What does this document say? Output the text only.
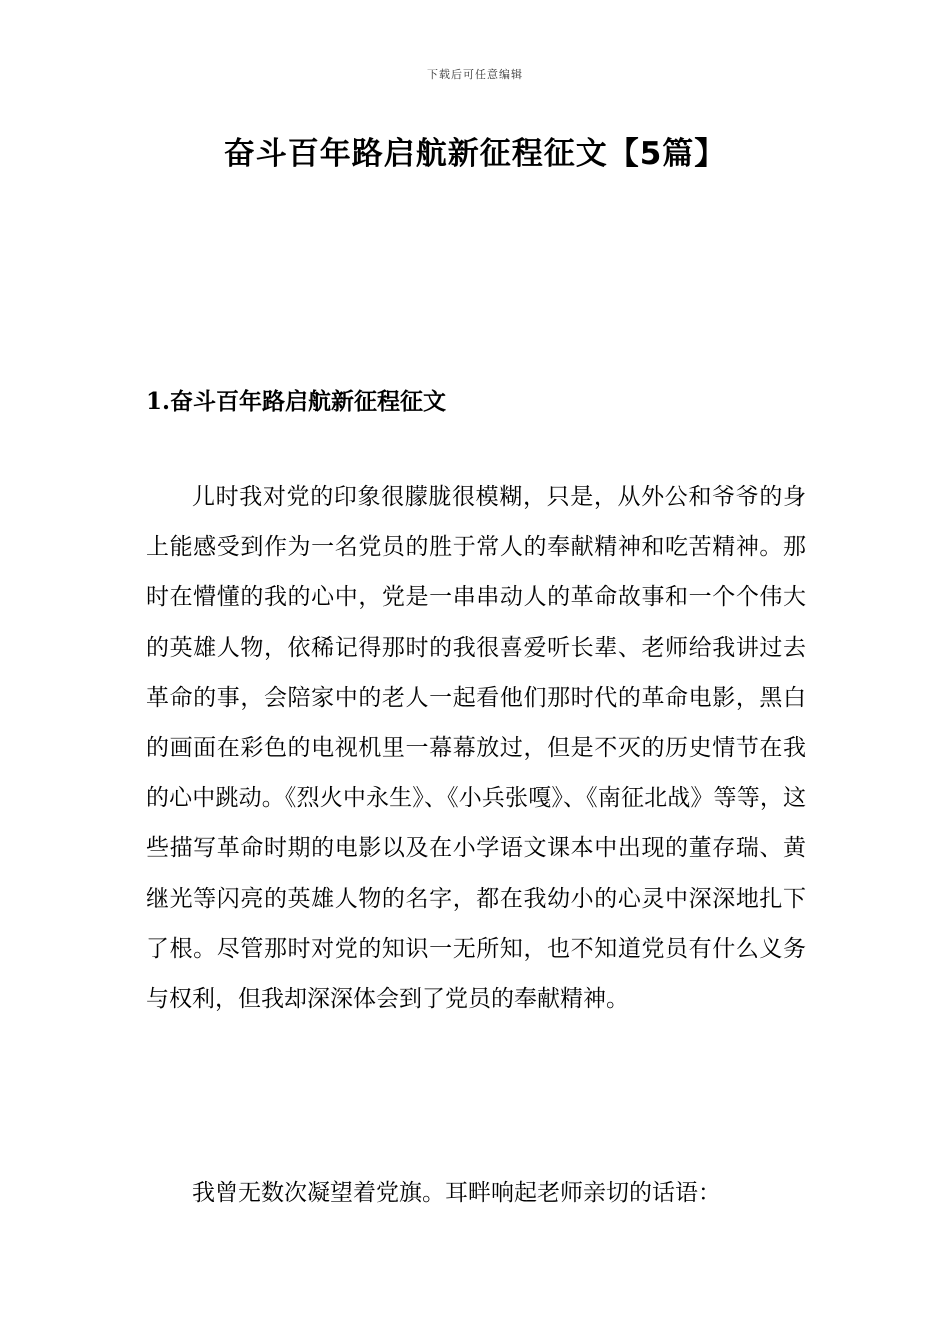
下载后可任意编辑
奋斗百年路启航新征程征文【5篇】
1.奋斗百年路启航新征程征文

儿时我对党的印象很朦胧很模糊，只是，从外公和爷爷的身上能感受到作为一名党员的胜于常人的奉献精神和吃苦精神。那时在懵懂的我的心中，党是一串串动人的革命故事和一个个伟大的英雄人物，依稀记得那时的我很喜爱听长辈、老师给我讲过去革命的事，会陪家中的老人一起看他们那时代的革命电影，黑白的画面在彩色的电视机里一幕幕放过，但是不灭的历史情节在我的心中跳动。《烈火中永生》、《小兵张嘎》、《南征北战》等等，这些描写革命时期的电影以及在小学语文课本中出现的董存瑞、黄继光等闪亮的英雄人物的名字，都在我幼小的心灵中深深地扎下了根。尽管那时对党的知识一无所知，也不知道党员有什么义务与权利，但我却深深体会到了党员的奉献精神。

我曾无数次凝望着党旗。耳畔响起老师亲切的话语：
